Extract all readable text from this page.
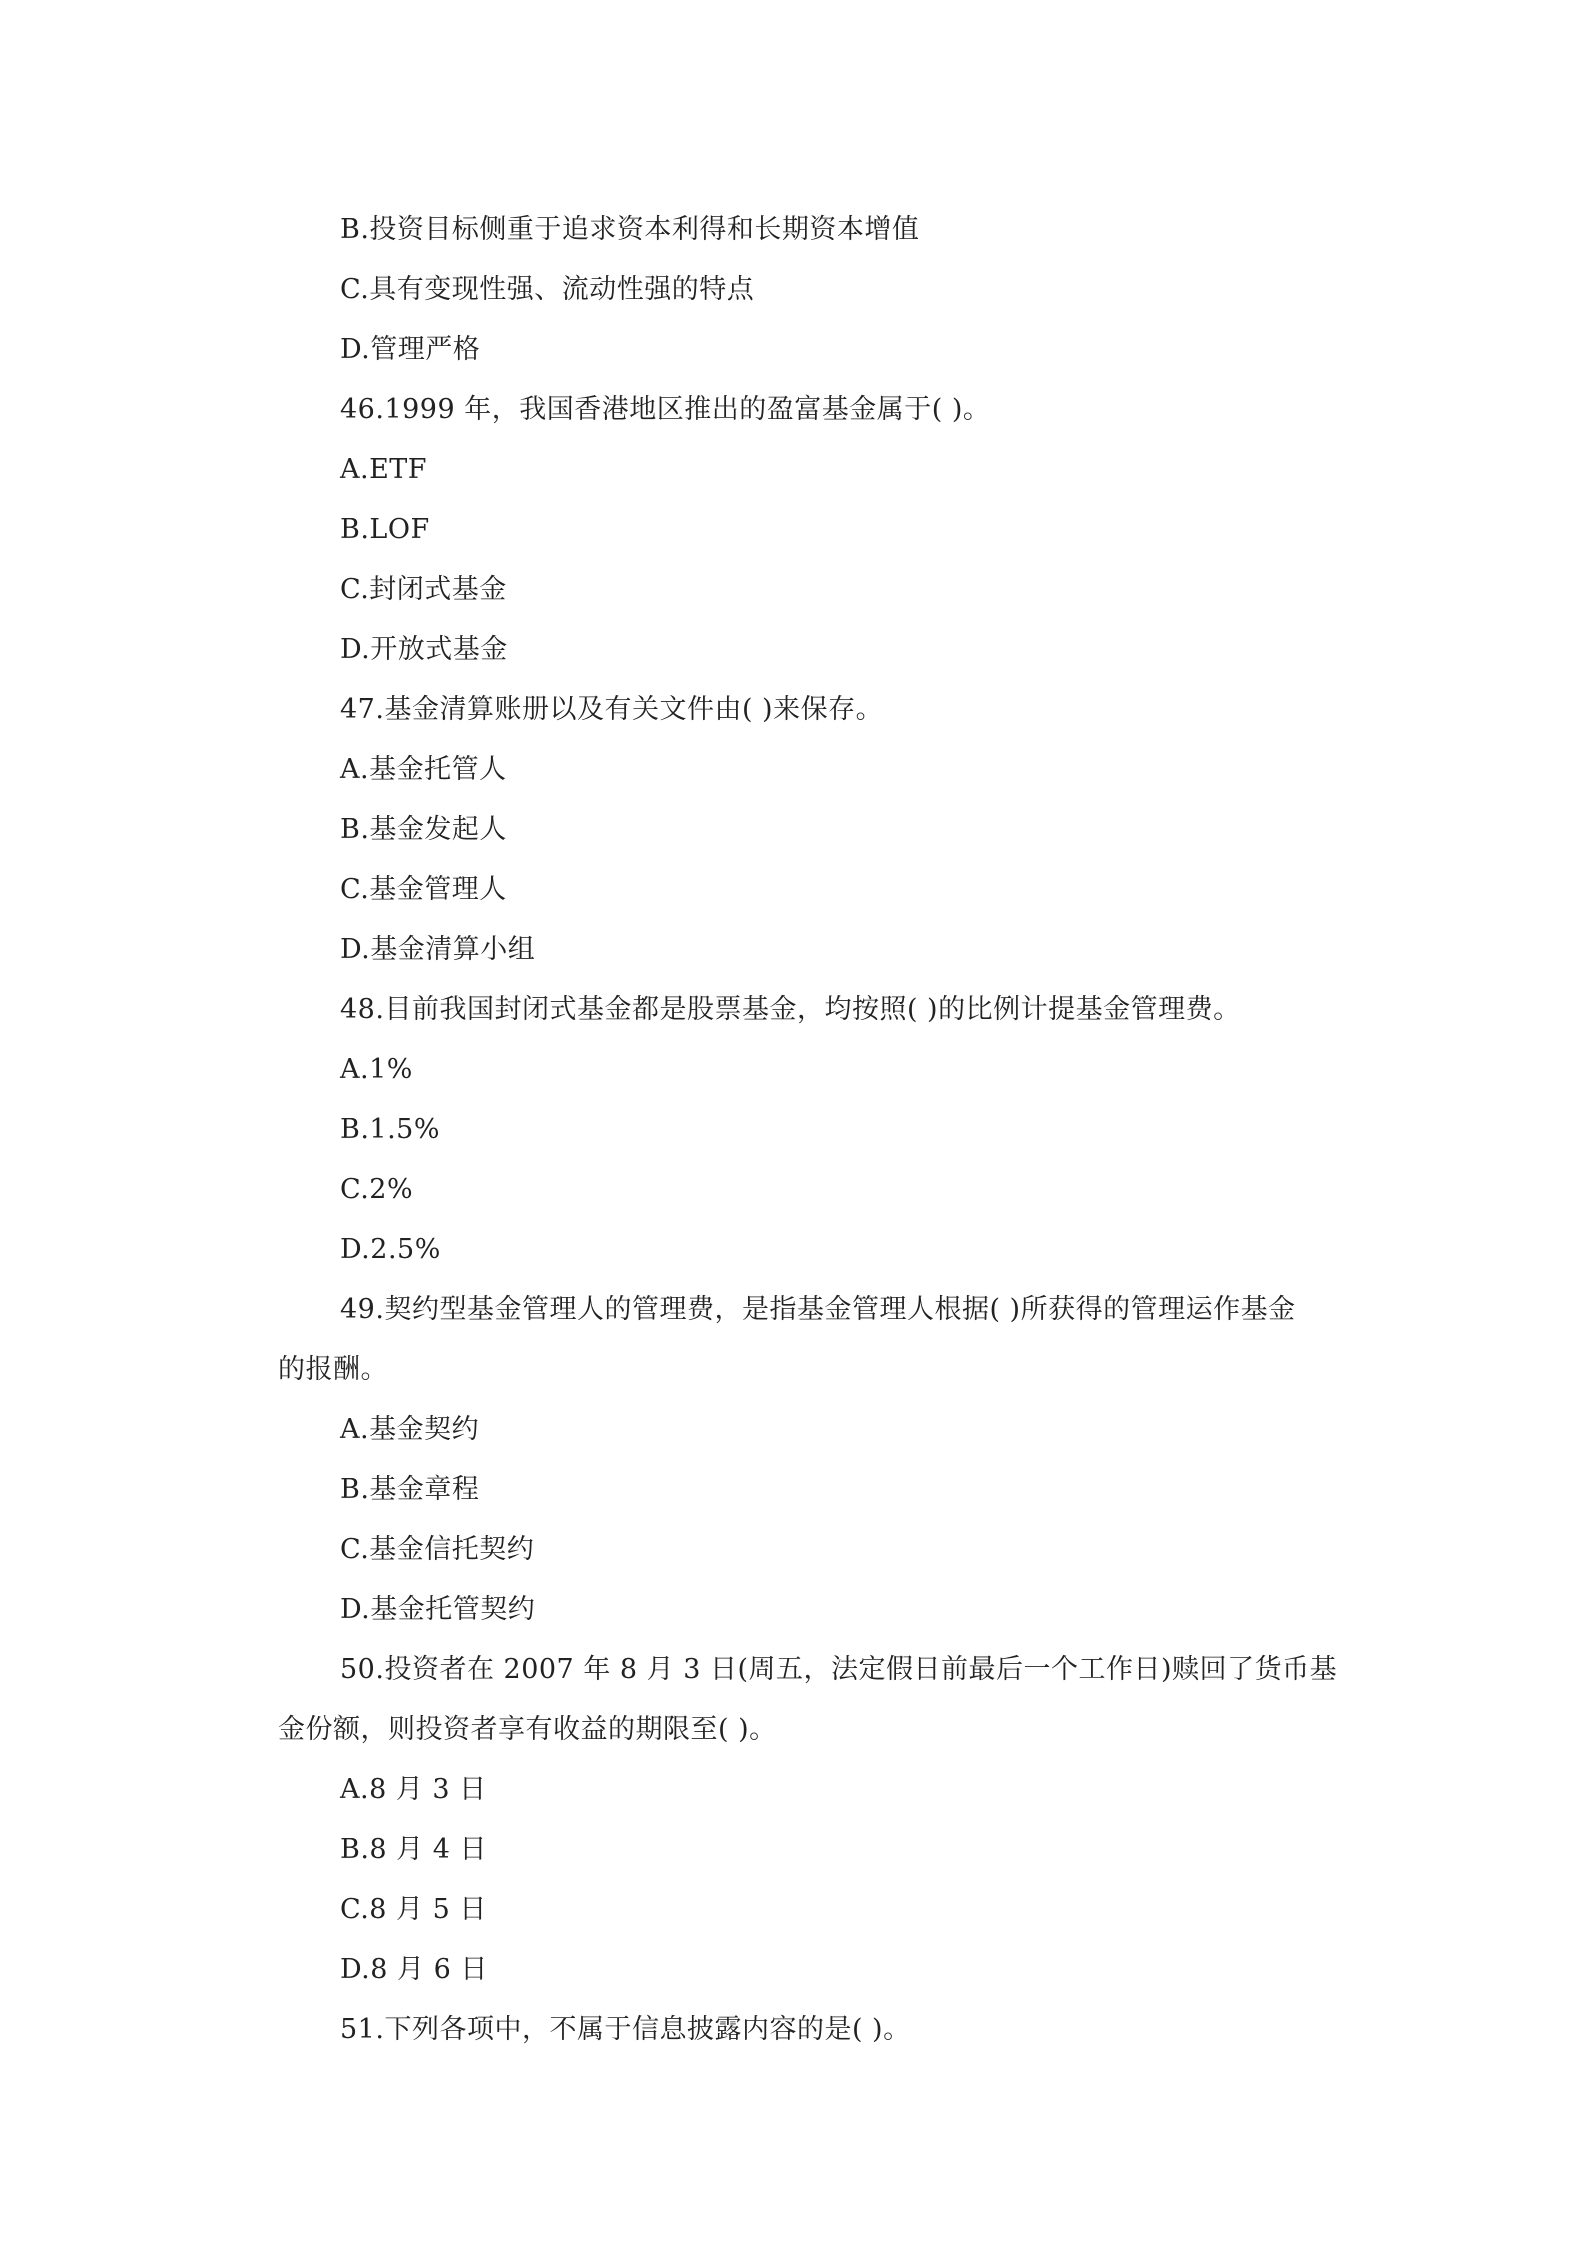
B.投资目标侧重于追求资本利得和长期资本增值
C.具有变现性强、流动性强的特点
D.管理严格
46.1999 年，我国香港地区推出的盈富基金属于( )。
A.ETF
B.LOF
C.封闭式基金
D.开放式基金
47.基金清算账册以及有关文件由( )来保存。
A.基金托管人
B.基金发起人
C.基金管理人
D.基金清算小组
48.目前我国封闭式基金都是股票基金，均按照( )的比例计提基金管理费。
A.1%
B.1.5%
C.2%
D.2.5%
49.契约型基金管理人的管理费，是指基金管理人根据( )所获得的管理运作基金
的报酬。
A.基金契约
B.基金章程
C.基金信托契约
D.基金托管契约
50.投资者在 2007 年 8 月 3 日(周五，法定假日前最后一个工作日)赎回了货币基
金份额，则投资者享有收益的期限至( )。
A.8 月 3 日
B.8 月 4 日
C.8 月 5 日
D.8 月 6 日
51.下列各项中，不属于信息披露内容的是( )。
